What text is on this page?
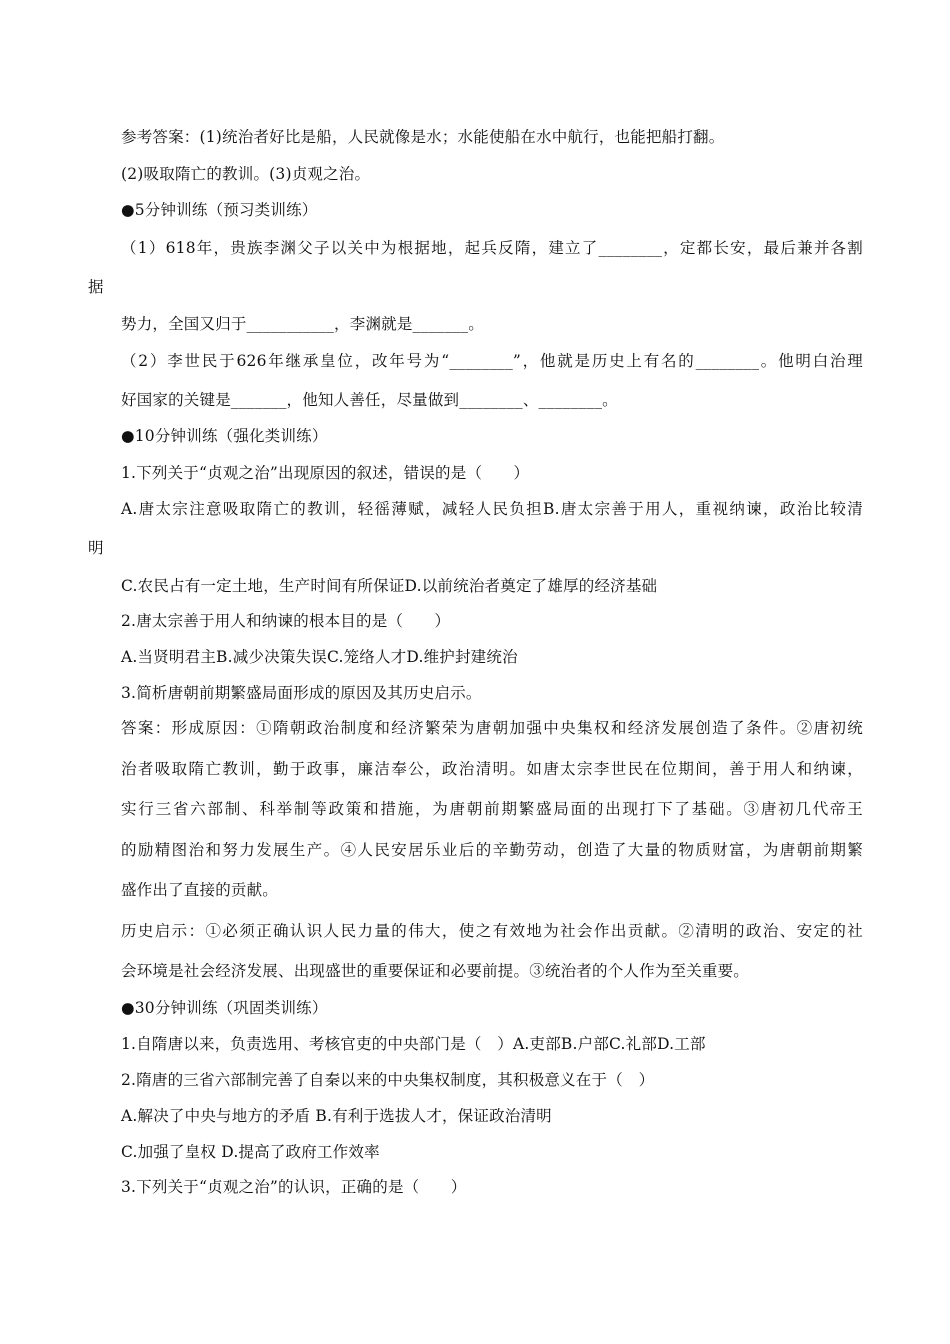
参考答案：(1)统治者好比是船，人民就像是水；水能使船在水中航行，也能把船打翻。
(2)吸取隋亡的教训。(3)贞观之治。
●5分钟训练（预习类训练）
（1）618年，贵族李渊父子以关中为根据地，起兵反隋，建立了________，定都长安，最后兼并各割
据
势力，全国又归于___________，李渊就是_______。
（2）李世民于626年继承皇位，改年号为“________”，他就是历史上有名的________。他明白治理
好国家的关键是_______，他知人善任，尽量做到________、________。
●10分钟训练（强化类训练）
1.下列关于“贞观之治”出现原因的叙述，错误的是（　　）
A.唐太宗注意吸取隋亡的教训，轻徭薄赋，减轻人民负担B.唐太宗善于用人，重视纳谏，政治比较清
明
C.农民占有一定土地，生产时间有所保证D.以前统治者奠定了雄厚的经济基础
2.唐太宗善于用人和纳谏的根本目的是（　　）
A.当贤明君主B.减少决策失误C.笼络人才D.维护封建统治
3.简析唐朝前期繁盛局面形成的原因及其历史启示。
答案：形成原因：①隋朝政治制度和经济繁荣为唐朝加强中央集权和经济发展创造了条件。②唐初统
治者吸取隋亡教训，勤于政事，廉洁奉公，政治清明。如唐太宗李世民在位期间，善于用人和纳谏，
实行三省六部制、科举制等政策和措施，为唐朝前期繁盛局面的出现打下了基础。③唐初几代帝王
的励精图治和努力发展生产。④人民安居乐业后的辛勤劳动，创造了大量的物质财富，为唐朝前期繁
盛作出了直接的贡献。
历史启示：①必须正确认识人民力量的伟大，使之有效地为社会作出贡献。②清明的政治、安定的社
会环境是社会经济发展、出现盛世的重要保证和必要前提。③统治者的个人作为至关重要。
●30分钟训练（巩固类训练）
1.自隋唐以来，负责选用、考核官吏的中央部门是（　）A.吏部B.户部C.礼部D.工部
2.隋唐的三省六部制完善了自秦以来的中央集权制度，其积极意义在于（　）
A.解决了中央与地方的矛盾 B.有利于选拔人才，保证政治清明
C.加强了皇权 D.提高了政府工作效率
3.下列关于“贞观之治”的认识，正确的是（　　）
